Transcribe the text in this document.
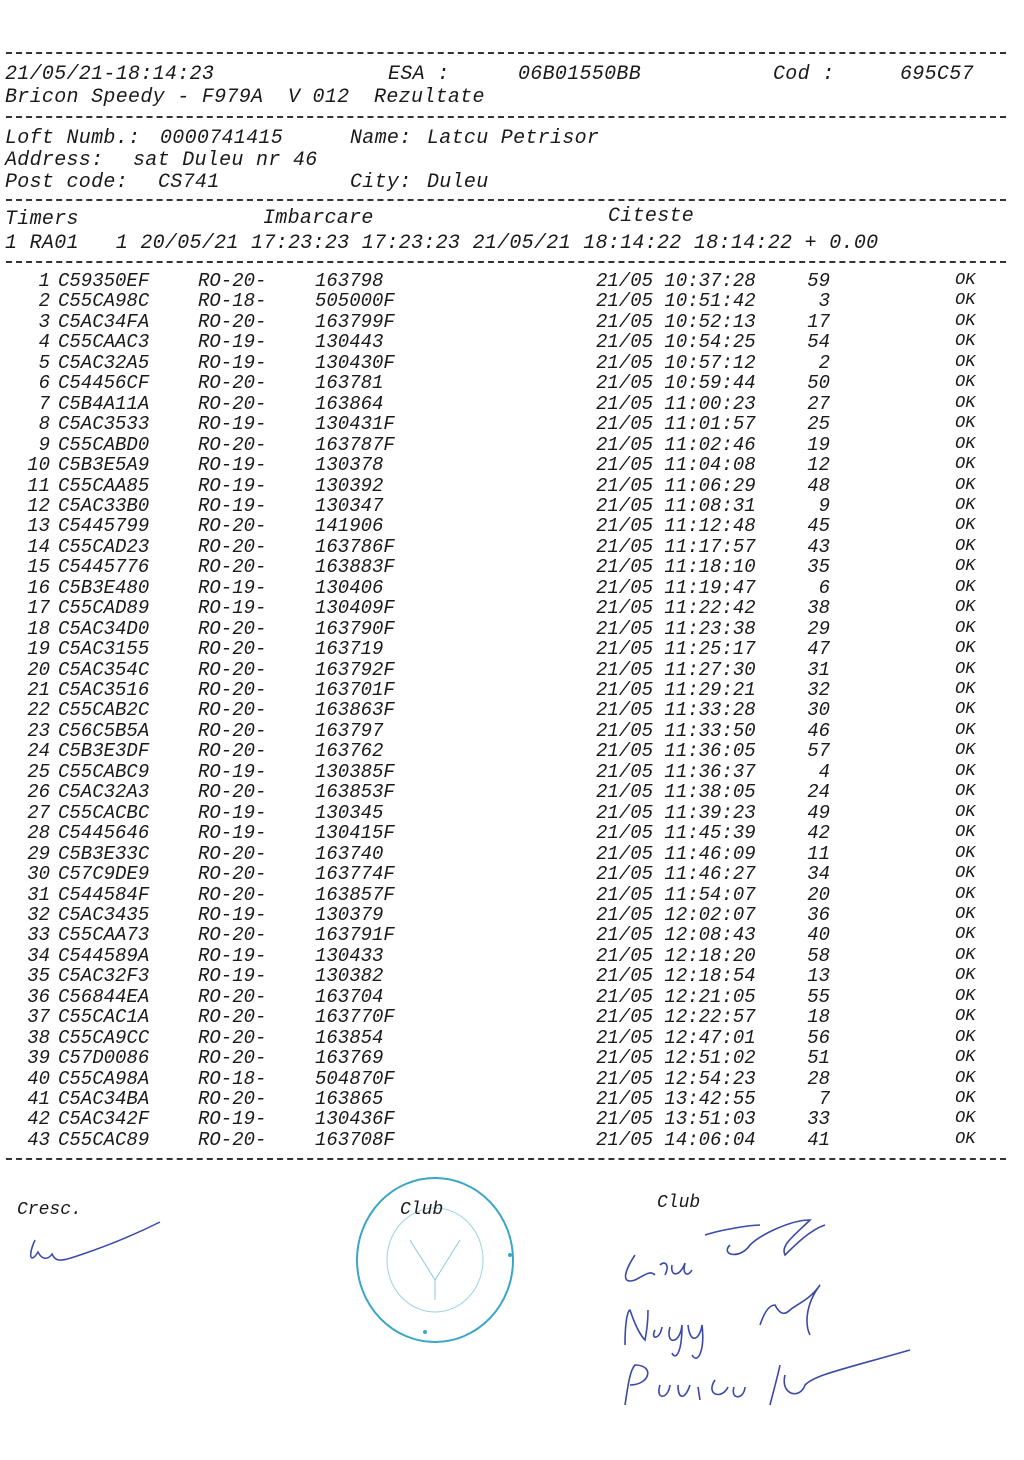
21/05/21-18:14:23	ESA :	06B01550BB	Cod :	695C57
Bricon Speedy - F979A  V 012  Rezultate
Loft Numb.: 0000741415	Name: Latcu Petrisor
Address: sat Duleu nr 46
Post code: CS741	City: Duleu
Timers	Imbarcare	Citeste
1 RA01   1 20/05/21 17:23:23 17:23:23 21/05/21 18:14:22 18:14:22 + 0.00
1 C59350EF	RO-20-	163798	21/05 10:37:28	59	OK
2 C55CA98C	RO-18-	505000F	21/05 10:51:42	3	OK
3 C5AC34FA	RO-20-	163799F	21/05 10:52:13	17	OK
4 C55CAAC3	RO-19-	130443	21/05 10:54:25	54	OK
5 C5AC32A5	RO-19-	130430F	21/05 10:57:12	2	OK
6 C54456CF	RO-20-	163781	21/05 10:59:44	50	OK
7 C5B4A11A	RO-20-	163864	21/05 11:00:23	27	OK
8 C5AC3533	RO-19-	130431F	21/05 11:01:57	25	OK
9 C55CABD0	RO-20-	163787F	21/05 11:02:46	19	OK
10 C5B3E5A9	RO-19-	130378	21/05 11:04:08	12	OK
11 C55CAA85	RO-19-	130392	21/05 11:06:29	48	OK
12 C5AC33B0	RO-19-	130347	21/05 11:08:31	9	OK
13 C5445799	RO-20-	141906	21/05 11:12:48	45	OK
14 C55CAD23	RO-20-	163786F	21/05 11:17:57	43	OK
15 C5445776	RO-20-	163883F	21/05 11:18:10	35	OK
16 C5B3E480	RO-19-	130406	21/05 11:19:47	6	OK
17 C55CAD89	RO-19-	130409F	21/05 11:22:42	38	OK
18 C5AC34D0	RO-20-	163790F	21/05 11:23:38	29	OK
19 C5AC3155	RO-20-	163719	21/05 11:25:17	47	OK
20 C5AC354C	RO-20-	163792F	21/05 11:27:30	31	OK
21 C5AC3516	RO-20-	163701F	21/05 11:29:21	32	OK
22 C55CAB2C	RO-20-	163863F	21/05 11:33:28	30	OK
23 C56C5B5A	RO-20-	163797	21/05 11:33:50	46	OK
24 C5B3E3DF	RO-20-	163762	21/05 11:36:05	57	OK
25 C55CABC9	RO-19-	130385F	21/05 11:36:37	4	OK
26 C5AC32A3	RO-20-	163853F	21/05 11:38:05	24	OK
27 C55CACBC	RO-19-	130345	21/05 11:39:23	49	OK
28 C5445646	RO-19-	130415F	21/05 11:45:39	42	OK
29 C5B3E33C	RO-20-	163740	21/05 11:46:09	11	OK
30 C57C9DE9	RO-20-	163774F	21/05 11:46:27	34	OK
31 C544584F	RO-20-	163857F	21/05 11:54:07	20	OK
32 C5AC3435	RO-19-	130379	21/05 12:02:07	36	OK
33 C55CAA73	RO-20-	163791F	21/05 12:08:43	40	OK
34 C544589A	RO-19-	130433	21/05 12:18:20	58	OK
35 C5AC32F3	RO-19-	130382	21/05 12:18:54	13	OK
36 C56844EA	RO-20-	163704	21/05 12:21:05	55	OK
37 C55CAC1A	RO-20-	163770F	21/05 12:22:57	18	OK
38 C55CA9CC	RO-20-	163854	21/05 12:47:01	56	OK
39 C57D0086	RO-20-	163769	21/05 12:51:02	51	OK
40 C55CA98A	RO-18-	504870F	21/05 12:54:23	28	OK
41 C5AC34BA	RO-20-	163865	21/05 13:42:55	7	OK
42 C5AC342F	RO-19-	130436F	21/05 13:51:03	33	OK
43 C55CAC89	RO-20-	163708F	21/05 14:06:04	41	OK
Cresc.	Club	Club
